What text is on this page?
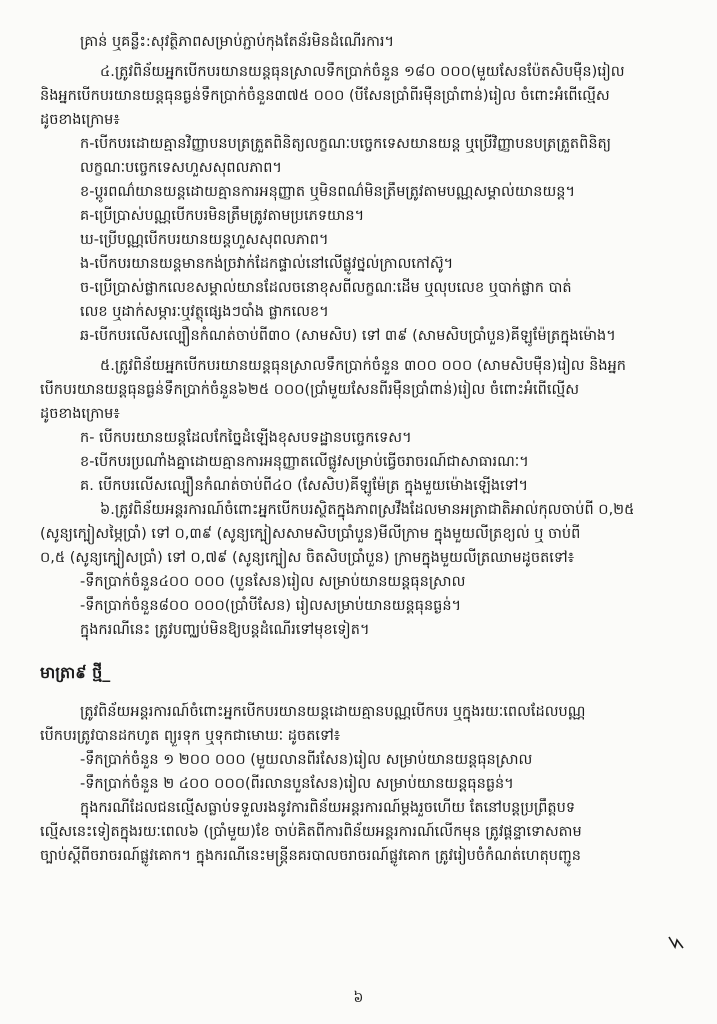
គ្រាន់ ឬគន្លឹះ:សុវត្ថិភាពសម្រាប់ភ្ជាប់កុងតែន័រមិនដំណើរការ។
៤.ត្រូវពិន័យអ្នកបើកបរយានយន្តធុនស្រាលទឹកប្រាក់ចំនួន ១៨០ ០០០(មួយសែនប៉ែតសិបម៉ឺន)រៀល
និងអ្នកបើកបរយានយន្តធុនធ្ងន់ទឹកប្រាក់ចំនួន៣៧៥ ០០០ (បីសែនប្រាំពីរម៉ឺនប្រាំពាន់)រៀល ចំពោះអំពើល្មើស
ដូចខាងក្រោម៖
ក-បើកបរដោយគ្មានវិញ្ញាបនបត្រត្រួតពិនិត្យលក្ខណៈបច្ចេកទេសយានយន្ត ឬប្រើវិញ្ញាបនបត្រត្រួតពិនិត្យ
លក្ខណៈបច្ចេកទេសហួសសុពលភាព។
ខ-ប្តូរពណ៌យានយន្តដោយគ្មានការអនុញ្ញាត ឬមិនពណ៌មិនត្រឹមត្រូវតាមបណ្ណសម្គាល់យានយន្ត។
គ-ប្រើប្រាស់បណ្ណបើកបរមិនត្រឹមត្រូវតាមប្រភេទយាន។
ឃ-ប្រើបណ្ណបើកបរយានយន្តហួសសុពលភាព។
ង-បើកបរយានយន្តមានកង់ច្រវាក់ដែកផ្ទាល់នៅលើផ្លូវថ្នល់ក្រាលកៅស៊ូ។
ច-ប្រើប្រាស់ផ្លាកលេខសម្គាល់យានដែលចនោខុសពីលក្ខណៈដើម ឬលុបលេខ ឬបាក់ផ្លាក បាត់
លេខ ឬដាក់សម្ភារៈឬវត្ថុផ្សេងៗបាំង ផ្លាកលេខ។
ឆ-បើកបរលើសល្បឿនកំណត់ចាប់ពី៣០ (សាមសិប) ទៅ ៣៩ (សាមសិបប្រាំបួន)គីឡូម៉ែត្រក្នុងម៉ោង។
៥.ត្រូវពិន័យអ្នកបើកបរយានយន្តធុនស្រាលទឹកប្រាក់ចំនួន ៣០០ ០០០ (សាមសិបម៉ឺន)រៀល និងអ្នក
បើកបរយានយន្តធុនធ្ងន់ទឹកប្រាក់ចំនួន៦២៥ ០០០(ប្រាំមួយសែនពីរម៉ឺនប្រាំពាន់)រៀល ចំពោះអំពើល្មើស
ដូចខាងក្រោម៖
ក- បើកបរយានយន្តដែលកែច្នៃដំឡើងខុសបទដ្ឋានបច្ចេកទេស។
ខ-បើកបរប្រណាំងគ្នាដោយគ្មានការអនុញ្ញាតលើផ្លូវសម្រាប់ធ្វើចរាចរណ៍ជាសាធារណៈ។
គ. បើកបរលើសល្បឿនកំណត់ចាប់ពី៤០ (សែសិប)គីឡូម៉ែត្រ ក្នុងមួយម៉ោងឡើងទៅ។
៦.ត្រូវពិន័យអន្តរការណ៍ចំពោះអ្នកបើកបរស្ថិតក្នុងភាពស្រវឹងដែលមានអត្រាជាតិអាល់កុលចាប់ពី ០,២៥
(សូន្យក្បៀសម្ភៃប្រាំ) ទៅ ០,៣៩ (សូន្យក្បៀសសាមសិបប្រាំបួន)មីលីក្រាម ក្នុងមួយលីត្រខ្យល់ ឬ ចាប់ពី
០,៥ (សូន្យក្បៀសប្រាំ) ទៅ ០,៧៩ (សូន្យក្បៀស ចិតសិបប្រាំបួន) ក្រាមក្នុងមួយលីត្រឈាមដូចតទៅ៖
-ទឹកប្រាក់ចំនួន៤០០ ០០០ (បួនសែន)រៀល សម្រាប់យានយន្តធុនស្រាល
-ទឹកប្រាក់ចំនួន៨០០ ០០០(ប្រាំបីសែន) រៀលសម្រាប់យានយន្តធុនធ្ងន់។
ក្នុងករណីនេះ ត្រូវបញ្ឈប់មិនឱ្យបន្តដំណើរទៅមុខទៀត។
មាត្រា៩ ថ្មី_
ត្រូវពិន័យអន្តរការណ៍ចំពោះអ្នកបើកបរយានយន្តដោយគ្មានបណ្ណបើកបរ ឬក្នុងរយៈពេលដែលបណ្ណ
បើកបរត្រូវបានដកហូត ព្យួរទុក ឬទុកជាមោឃៈ ដូចតទៅ៖
-ទឹកប្រាក់ចំនួន ១ ២០០ ០០០ (មួយលានពីរសែន)រៀល សម្រាប់យានយន្តធុនស្រាល
-ទឹកប្រាក់ចំនួន ២ ៤០០ ០០០(ពីរលានបួនសែន)រៀល សម្រាប់យានយន្តធុនធ្ងន់។
ក្នុងករណីដែលជនល្មើសធ្លាប់ទទួលរងនូវការពិន័យអន្តរការណ៍ម្តងរួចហើយ តែនៅបន្តប្រព្រឹត្តបទ
ល្មើសនេះទៀតក្នុងរយៈពេល៦ (ប្រាំមួយ)ខែ ចាប់គិតពីការពិន័យអន្តរការណ៍លើកមុន ត្រូវផ្តន្ទាទោសតាម
ច្បាប់ស្តីពីចរាចរណ៍ផ្លូវគោក។ ក្នុងករណីនេះមន្ត្រីនគរបាលចរាចរណ៍ផ្លូវគោក ត្រូវរៀបចំកំណត់ហេតុបញ្ជូន
៦
